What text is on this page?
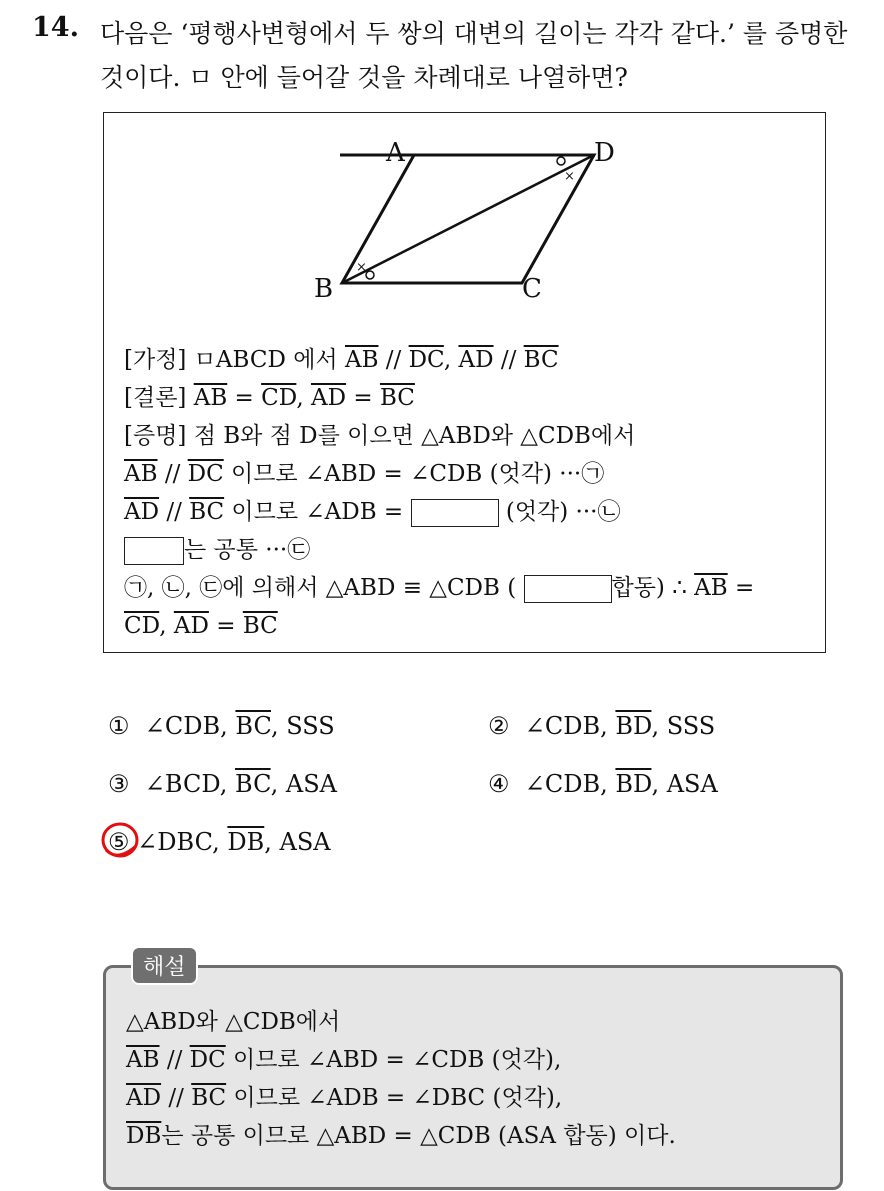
14. 다음은 ‘평행사변형에서 두 쌍의 대변의 길이는 각각 같다.’ 를 증명한
것이다. ㅁ 안에 들어갈 것을 차례대로 나열하면?
×
×
A	D
B	C
[가정] ㅁABCD 에서 $\overline{AB} // \overline{DC}$, $\overline{AD} // \overline{BC}$
[결론] $\overline{AB} = \overline{CD}$, $\overline{AD} = \overline{BC}$
[증명] 점 B와 점 D를 이으면 △ABD와 △CDB에서
$\overline{AB} // \overline{DC}$ 이므로 ∠ABD = ∠CDB (엇각) ···㉠
$\overline{AD} // \overline{BC}$ 이므로 ∠ADB =	(엇각) ···㉡
는 공통 ···㉢
㉠, ㉡, ㉢에 의해서 △ABD ≡ △CDB (	합동) ∴ $\overline{AB}$ =
$\overline{CD}$, $\overline{AD} = \overline{BC}$
① ∠CDB, $\overline{BC}$, SSS	② ∠CDB, $\overline{BD}$, SSS
③ ∠BCD, $\overline{BC}$, ASA	④ ∠CDB, $\overline{BD}$, ASA
⑤ ∠DBC, $\overline{DB}$, ASA
△ABD와 △CDB에서
$\overline{AB} // \overline{DC}$ 이므로 ∠ABD = ∠CDB (엇각),
$\overline{AD} // \overline{BC}$ 이므로 ∠ADB = ∠DBC (엇각),
$\overline{DB}$는 공통 이므로 △ABD = △CDB (ASA 합동) 이다.
해설
